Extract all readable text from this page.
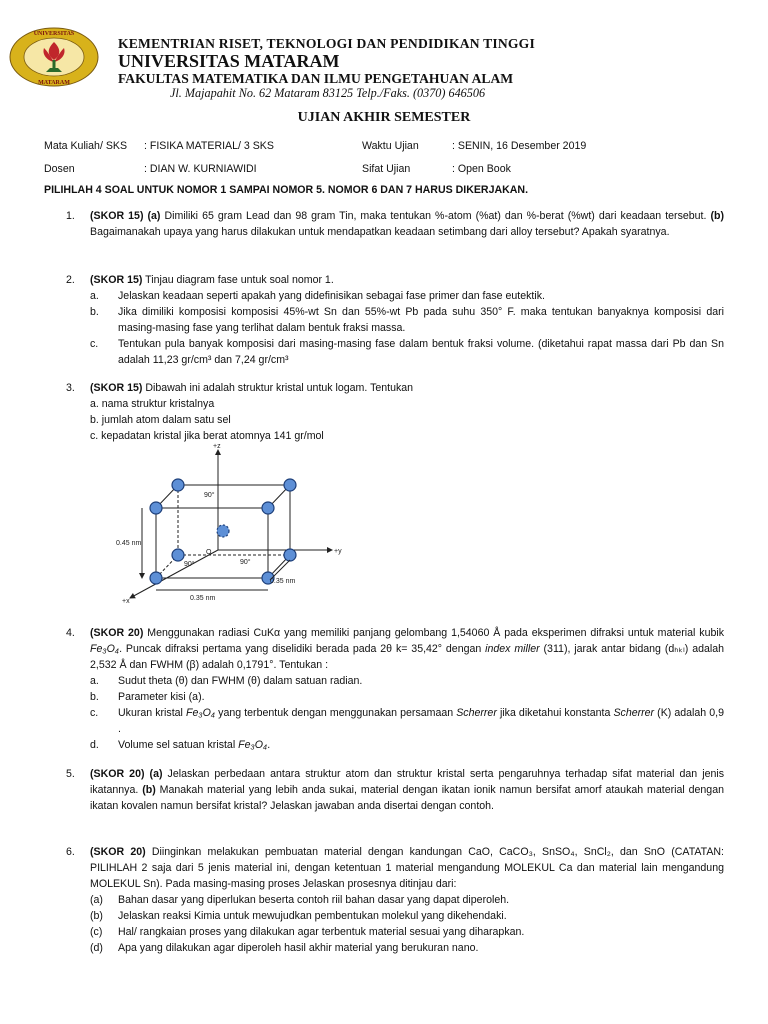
UNIVERSITAS
MATARAM
KEMENTRIAN RISET, TEKNOLOGI DAN PENDIDIKAN TINGGI
UNIVERSITAS MATARAM
FAKULTAS MATEMATIKA DAN ILMU PENGETAHUAN ALAM
Jl. Majapahit No. 62 Mataram 83125 Telp./Faks. (0370) 646506
UJIAN AKHIR SEMESTER
Mata Kuliah/ SKS : FISIKA MATERIAL/ 3 SKS	Waktu Ujian	: SENIN, 16 Desember 2019
Dosen	: DIAN W. KURNIAWIDI	Sifat Ujian	: Open Book
PILIHLAH 4 SOAL UNTUK NOMOR 1 SAMPAI NOMOR 5. NOMOR 6 DAN 7 HARUS DIKERJAKAN.
1. (SKOR 15) (a) Dimiliki 65 gram Lead dan 98 gram Tin, maka tentukan %-atom (%at) dan %-berat (%wt) dari keadaan tersebut. (b) Bagaimanakah upaya yang harus dilakukan untuk mendapatkan keadaan setimbang dari alloy tersebut? Apakah syaratnya.
2. (SKOR 15) Tinjau diagram fase untuk soal nomor 1.
a. Jelaskan keadaan seperti apakah yang didefinisikan sebagai fase primer dan fase eutektik.
b. Jika dimiliki komposisi komposisi 45%-wt Sn dan 55%-wt Pb pada suhu 350° F. maka tentukan banyaknya komposisi dari masing-masing fase yang terlihat dalam bentuk fraksi massa.
c. Tentukan pula banyak komposisi dari masing-masing fase dalam bentuk fraksi volume. (diketahui rapat massa dari Pb dan Sn adalah 11,23 gr/cm³ dan 7,24 gr/cm³
3. (SKOR 15) Dibawah ini adalah struktur kristal untuk logam. Tentukan
a. nama struktur kristalnya
b. jumlah atom dalam satu sel
c. kepadatan kristal jika berat atomnya 141 gr/mol
+z
+y
+x
O
90°
90°	90°
0.45 nm
0.35 nm
0.35 nm
4. (SKOR 20) Menggunakan radiasi CuKα yang memiliki panjang gelombang 1,54060 Å pada eksperimen difraksi untuk material kubik Fe₃O₄. Puncak difraksi pertama yang diselidiki berada pada 2θ k= 35,42° dengan index miller (311), jarak antar bidang (dₕₖₗ) adalah 2,532 Å dan FWHM (β) adalah 0,1791°. Tentukan :
a. Sudut theta (θ) dan FWHM (θ) dalam satuan radian.
b. Parameter kisi (a).
c. Ukuran kristal Fe₃O₄ yang terbentuk dengan menggunakan persamaan Scherrer jika diketahui konstanta Scherrer (K) adalah 0,9 .
d. Volume sel satuan kristal Fe₃O₄.
5. (SKOR 20) (a) Jelaskan perbedaan antara struktur atom dan struktur kristal serta pengaruhnya terhadap sifat material dan jenis ikatannya. (b) Manakah material yang lebih anda sukai, material dengan ikatan ionik namun bersifat amorf ataukah material dengan ikatan kovalen namun bersifat kristal? Jelaskan jawaban anda disertai dengan contoh.
6. (SKOR 20) Diinginkan melakukan pembuatan material dengan kandungan CaO, CaCO₃, SnSO₄, SnCl₂, dan SnO (CATATAN: PILIHLAH 2 saja dari 5 jenis material ini, dengan ketentuan 1 material mengandung MOLEKUL Ca dan material lain mengandung MOLEKUL Sn). Pada masing-masing proses Jelaskan prosesnya ditinjau dari:
(a) Bahan dasar yang diperlukan beserta contoh riil bahan dasar yang dapat diperoleh.
(b) Jelaskan reaksi Kimia untuk mewujudkan pembentukan molekul yang dikehendaki.
(c) Hal/ rangkaian proses yang dilakukan agar terbentuk material sesuai yang diharapkan.
(d) Apa yang dilakukan agar diperoleh hasil akhir material yang berukuran nano.
